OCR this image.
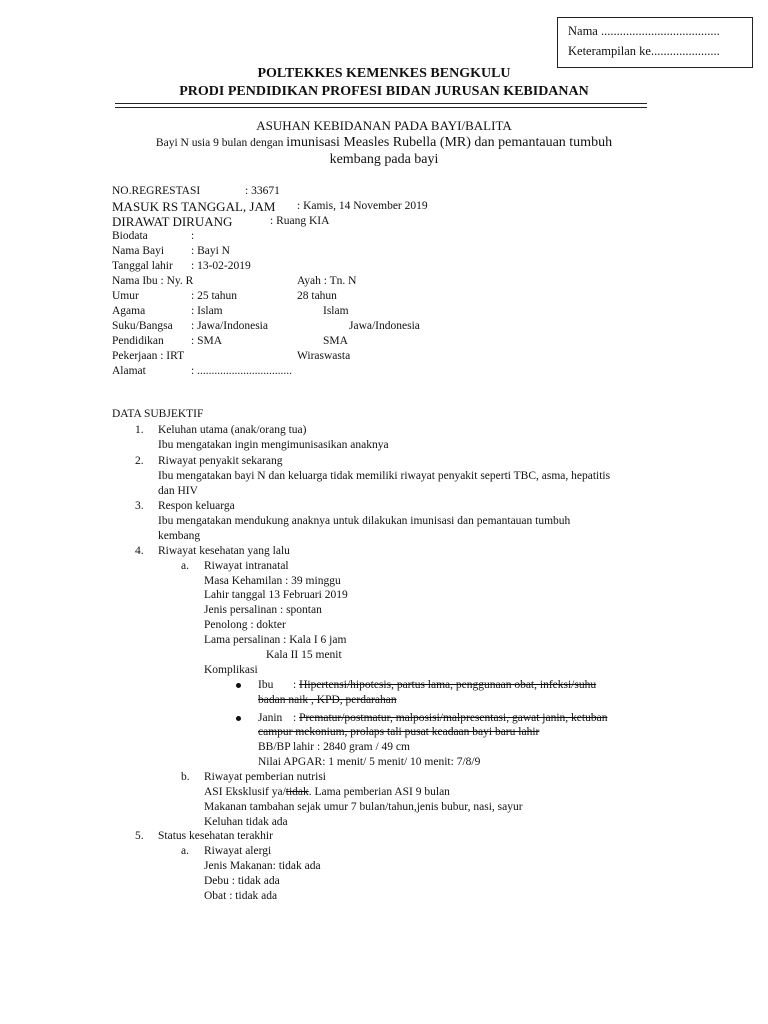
Nama ......................................
Keterampilan ke......................
POLTEKKES KEMENKES BENGKULU
PRODI PENDIDIKAN PROFESI BIDAN JURUSAN KEBIDANAN
ASUHAN KEBIDANAN PADA BAYI/BALITA
Bayi N usia 9 bulan dengan imunisasi Measles Rubella (MR) dan pemantauan tumbuh
kembang pada bayi
NO.REGRESTASI	: 33671
MASUK RS TANGGAL, JAM : Kamis, 14 November 2019
DIRAWAT DIRUANG	: Ruang KIA
Biodata	:
Nama Bayi : Bayi N
Tanggal lahir : 13-02-2019
Nama Ibu : Ny. R	Ayah : Tn. N
Umur	: 25 tahun	28 tahun
Agama	: Islam	Islam
Suku/Bangsa : Jawa/Indonesia	Jawa/Indonesia
Pendidikan : SMA	SMA
Pekerjaan : IRT	Wiraswasta
Alamat	: .................................
DATA SUBJEKTIF
1. Keluhan utama (anak/orang tua)
Ibu mengatakan ingin mengimunisasikan anaknya
2. Riwayat penyakit sekarang
Ibu mengatakan bayi N dan keluarga tidak memiliki riwayat penyakit seperti TBC, asma, hepatitis
dan HIV
3. Respon keluarga
Ibu mengatakan mendukung anaknya untuk dilakukan imunisasi dan pemantauan tumbuh
kembang
4. Riwayat kesehatan yang lalu
a. Riwayat intranatal
Masa Kehamilan : 39 minggu
Lahir tanggal 13 Februari 2019
Jenis persalinan : spontan
Penolong : dokter
Lama persalinan : Kala I 6 jam
Kala II 15 menit
Komplikasi
Ibu : Hipertensi/hipotesis, partus lama, penggunaan obat, infeksi/suhu
badan naik , KPD, perdarahan
Janin : Prematur/postmatur, malposisi/malpresentasi, gawat janin, ketuban
campur mekonium, prolaps tali pusat keadaan bayi baru lahir
BB/BP lahir : 2840 gram / 49 cm
Nilai APGAR: 1 menit/ 5 menit/ 10 menit: 7/8/9
b. Riwayat pemberian nutrisi
ASI Eksklusif ya/tidak. Lama pemberian ASI 9 bulan
Makanan tambahan sejak umur 7 bulan/tahun,jenis bubur, nasi, sayur
Keluhan tidak ada
5. Status kesehatan terakhir
a. Riwayat alergi
Jenis Makanan: tidak ada
Debu : tidak ada
Obat : tidak ada
